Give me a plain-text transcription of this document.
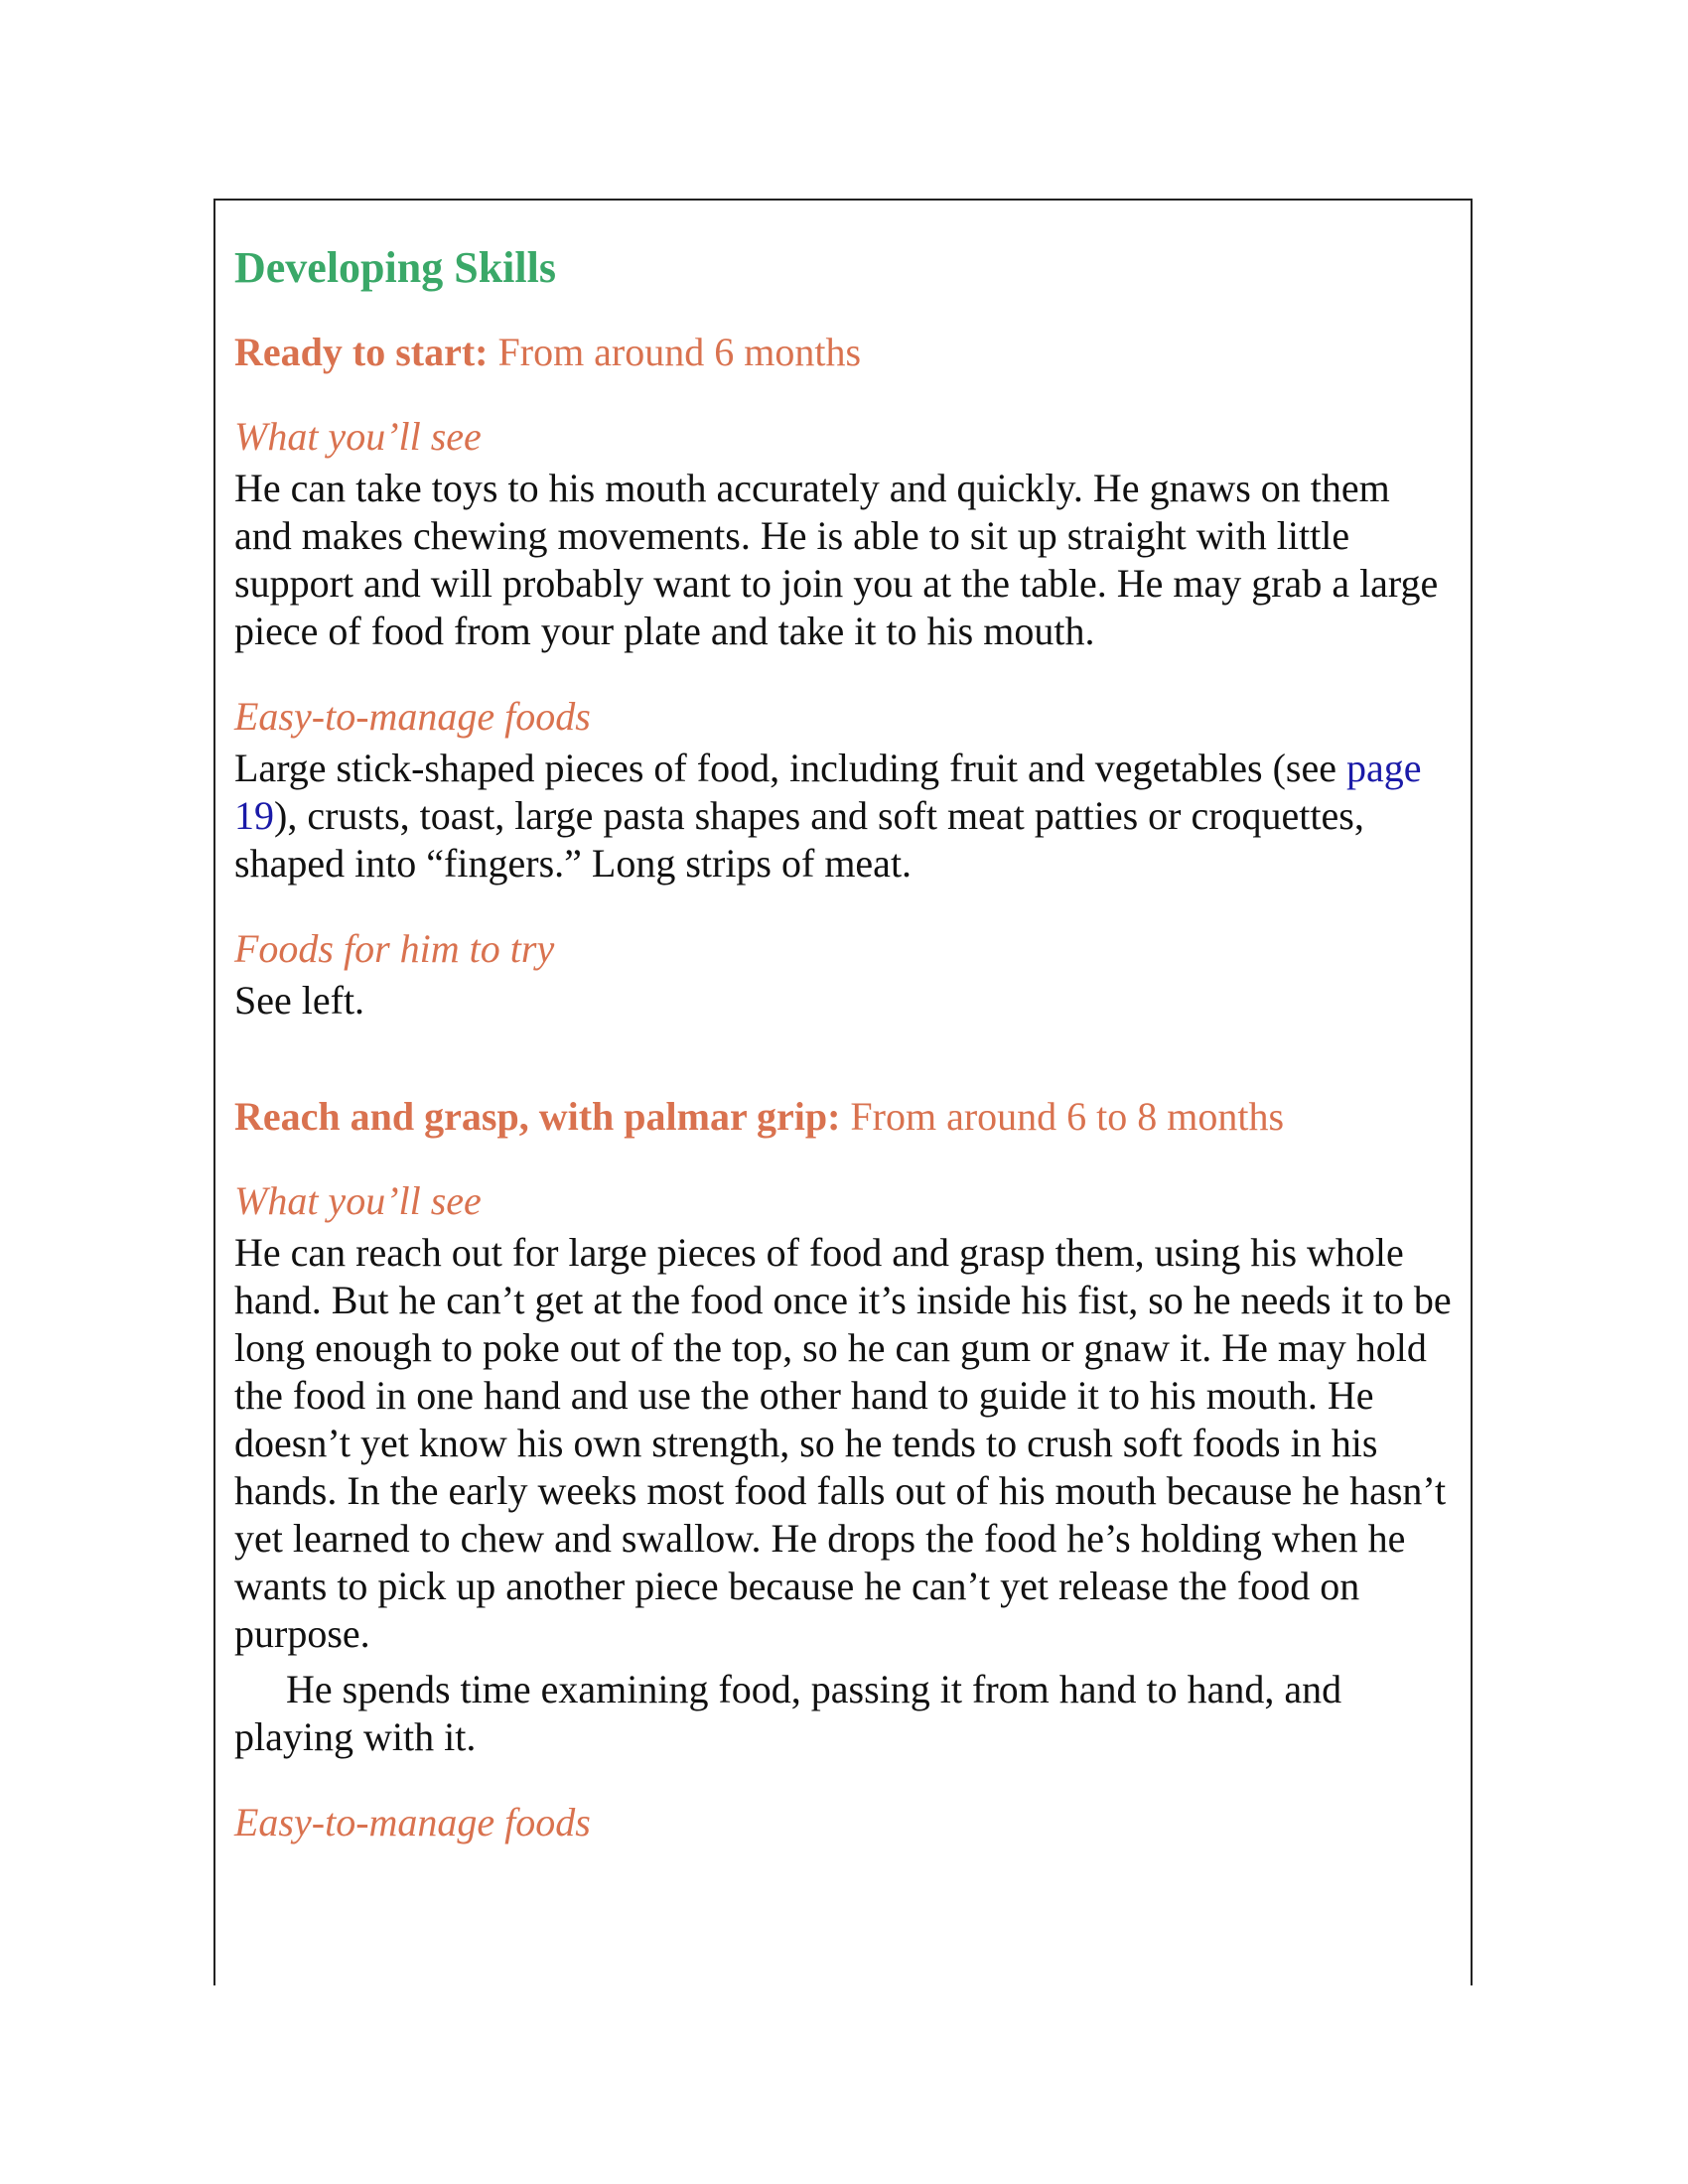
Developing Skills
Ready to start: From around 6 months
What you’ll see
He can take toys to his mouth accurately and quickly. He gnaws on them and makes chewing movements. He is able to sit up straight with little support and will probably want to join you at the table. He may grab a large piece of food from your plate and take it to his mouth.
Easy-to-manage foods
Large stick-shaped pieces of food, including fruit and vegetables (see page 19), crusts, toast, large pasta shapes and soft meat patties or croquettes, shaped into “fingers.” Long strips of meat.
Foods for him to try
See left.
Reach and grasp, with palmar grip: From around 6 to 8 months
What you’ll see
He can reach out for large pieces of food and grasp them, using his whole hand. But he can’t get at the food once it’s inside his fist, so he needs it to be long enough to poke out of the top, so he can gum or gnaw it. He may hold the food in one hand and use the other hand to guide it to his mouth. He doesn’t yet know his own strength, so he tends to crush soft foods in his hands. In the early weeks most food falls out of his mouth because he hasn’t yet learned to chew and swallow. He drops the food he’s holding when he wants to pick up another piece because he can’t yet release the food on purpose.
He spends time examining food, passing it from hand to hand, and playing with it.
Easy-to-manage foods
